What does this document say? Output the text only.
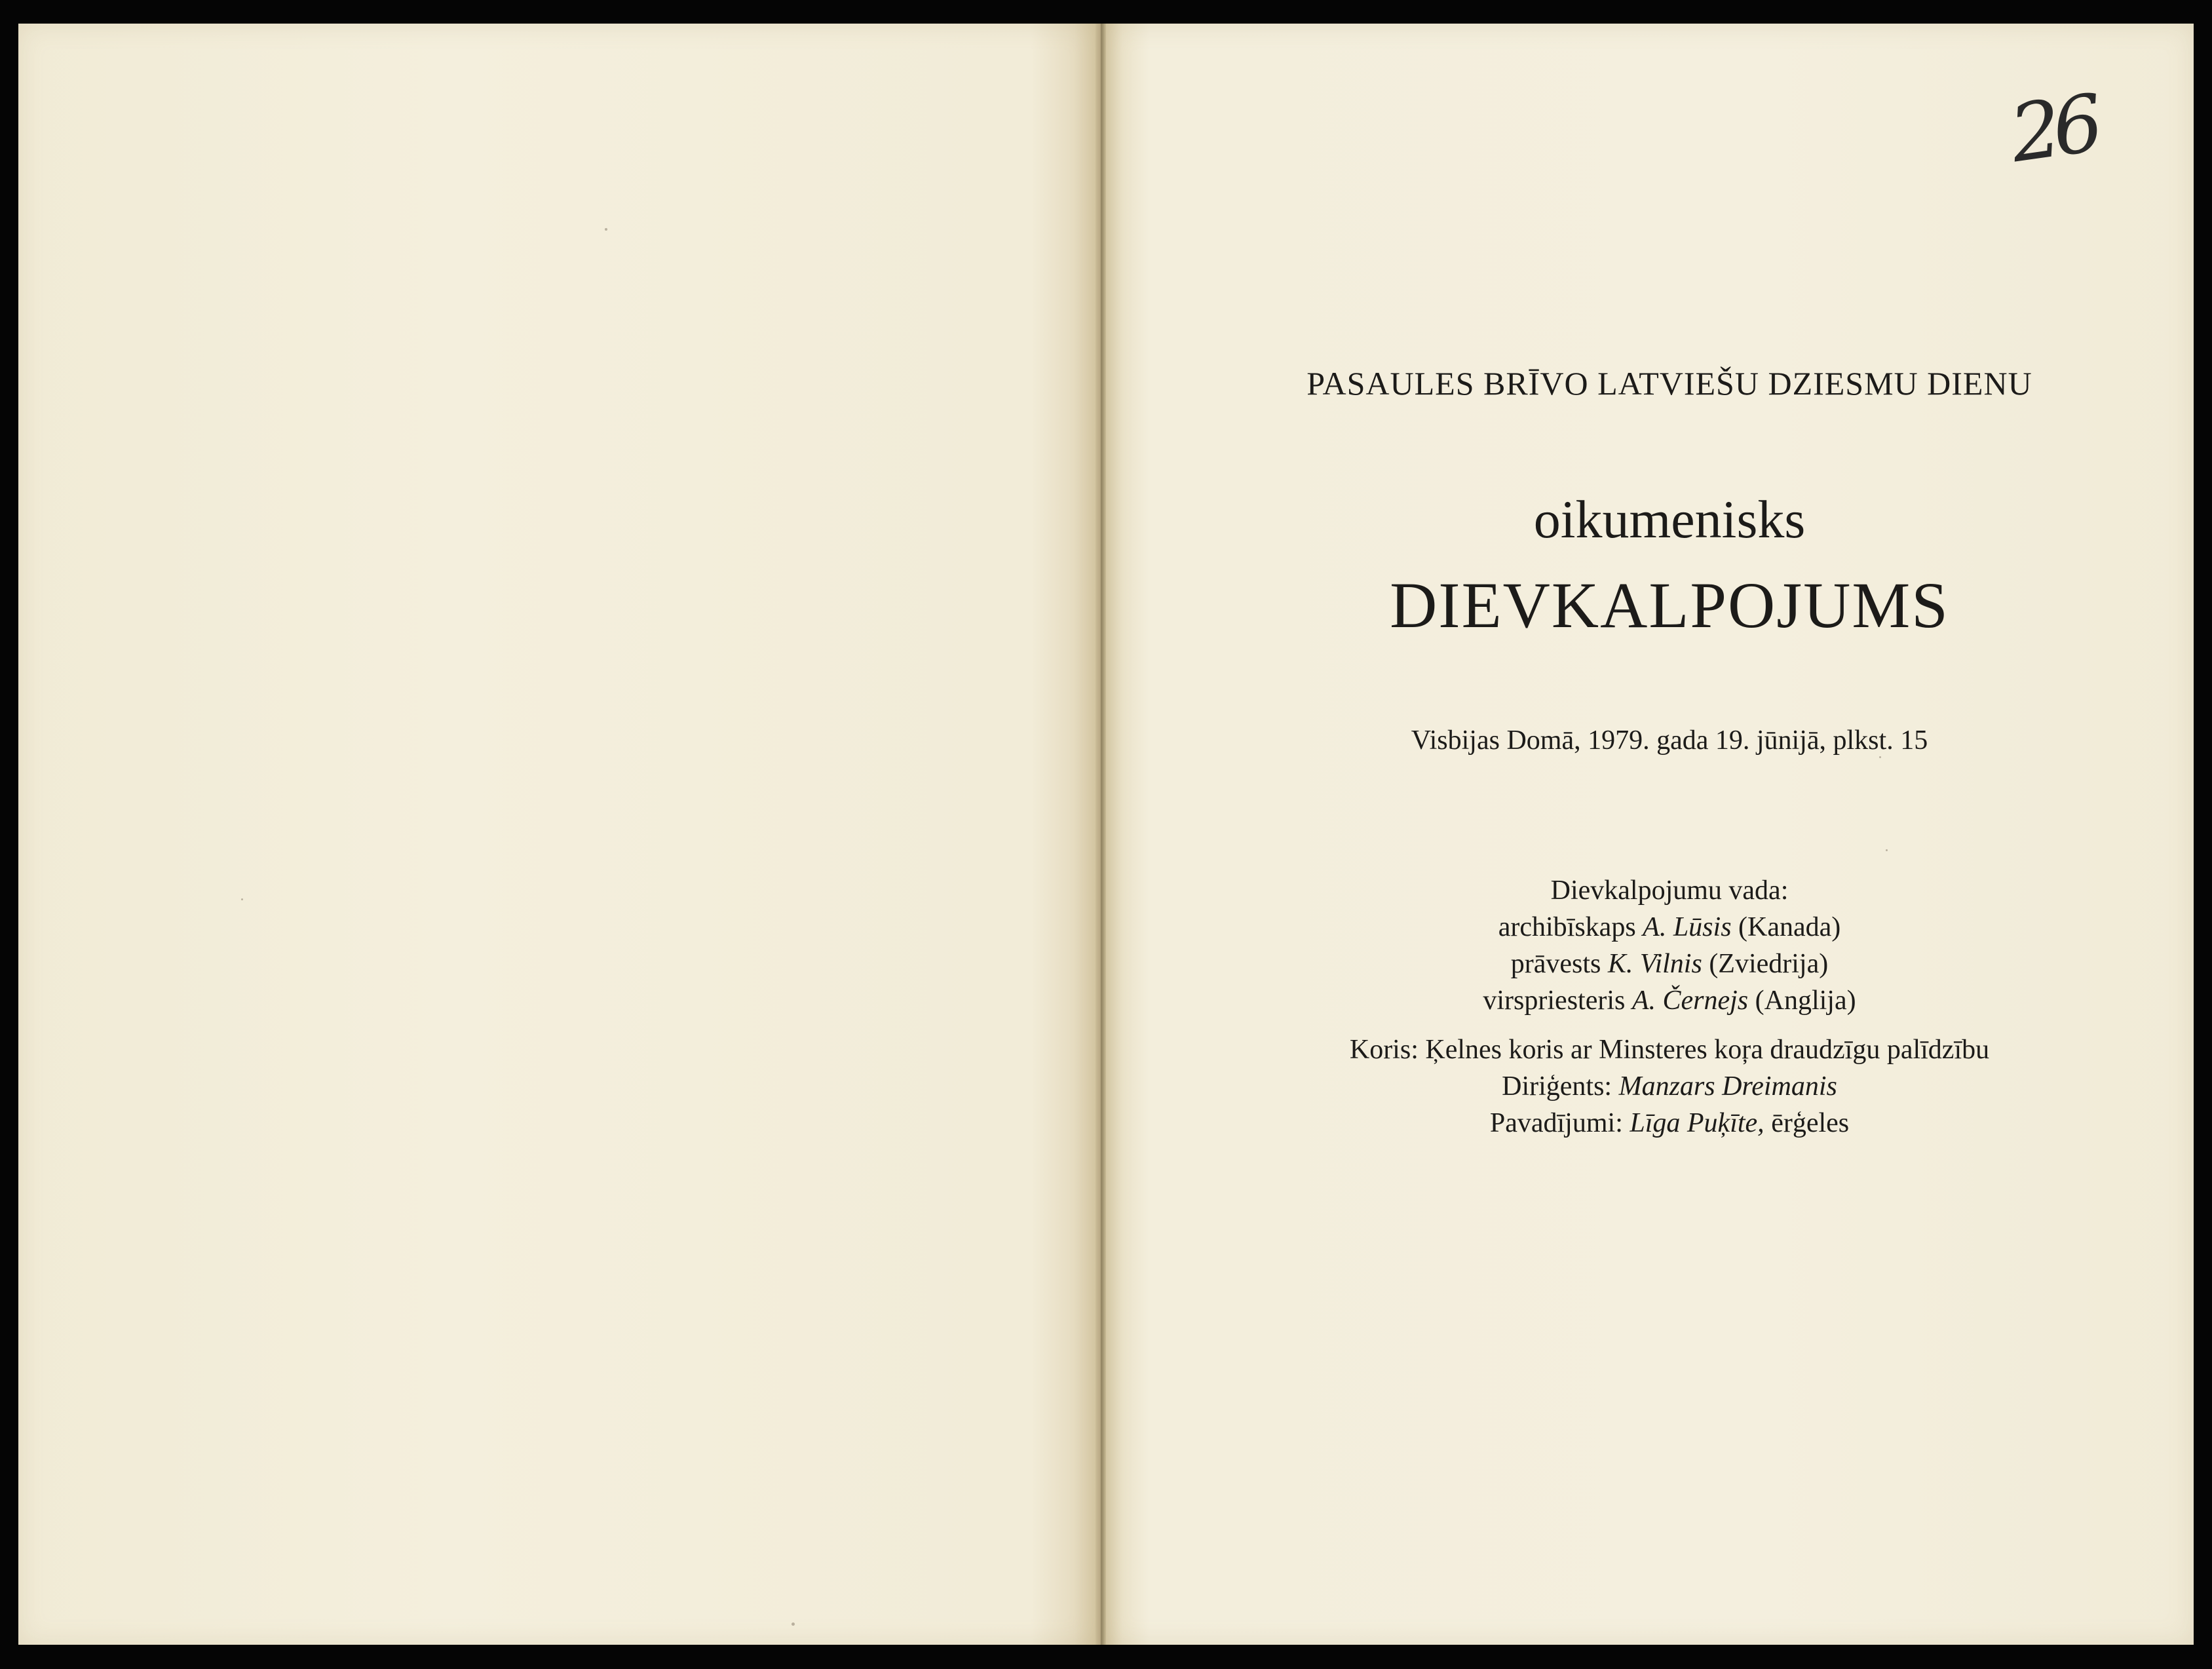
26
PASAULES BRĪVO LATVIEŠU DZIESMU DIENU
oikumenisks
DIEVKALPOJUMS
Visbijas Domā, 1979. gada 19. jūnijā, plkst. 15
Dievkalpojumu vada:
archibīskaps A. Lūsis (Kanada)
prāvests K. Vilnis (Zviedrija)
virspriesteris A. Černejs (Anglija)
Koris: Ķelnes koris ar Minsteres koŗa draudzīgu palīdzību
Diriģents: Manzars Dreimanis
Pavadījumi: Līga Puķīte, ērģeles
